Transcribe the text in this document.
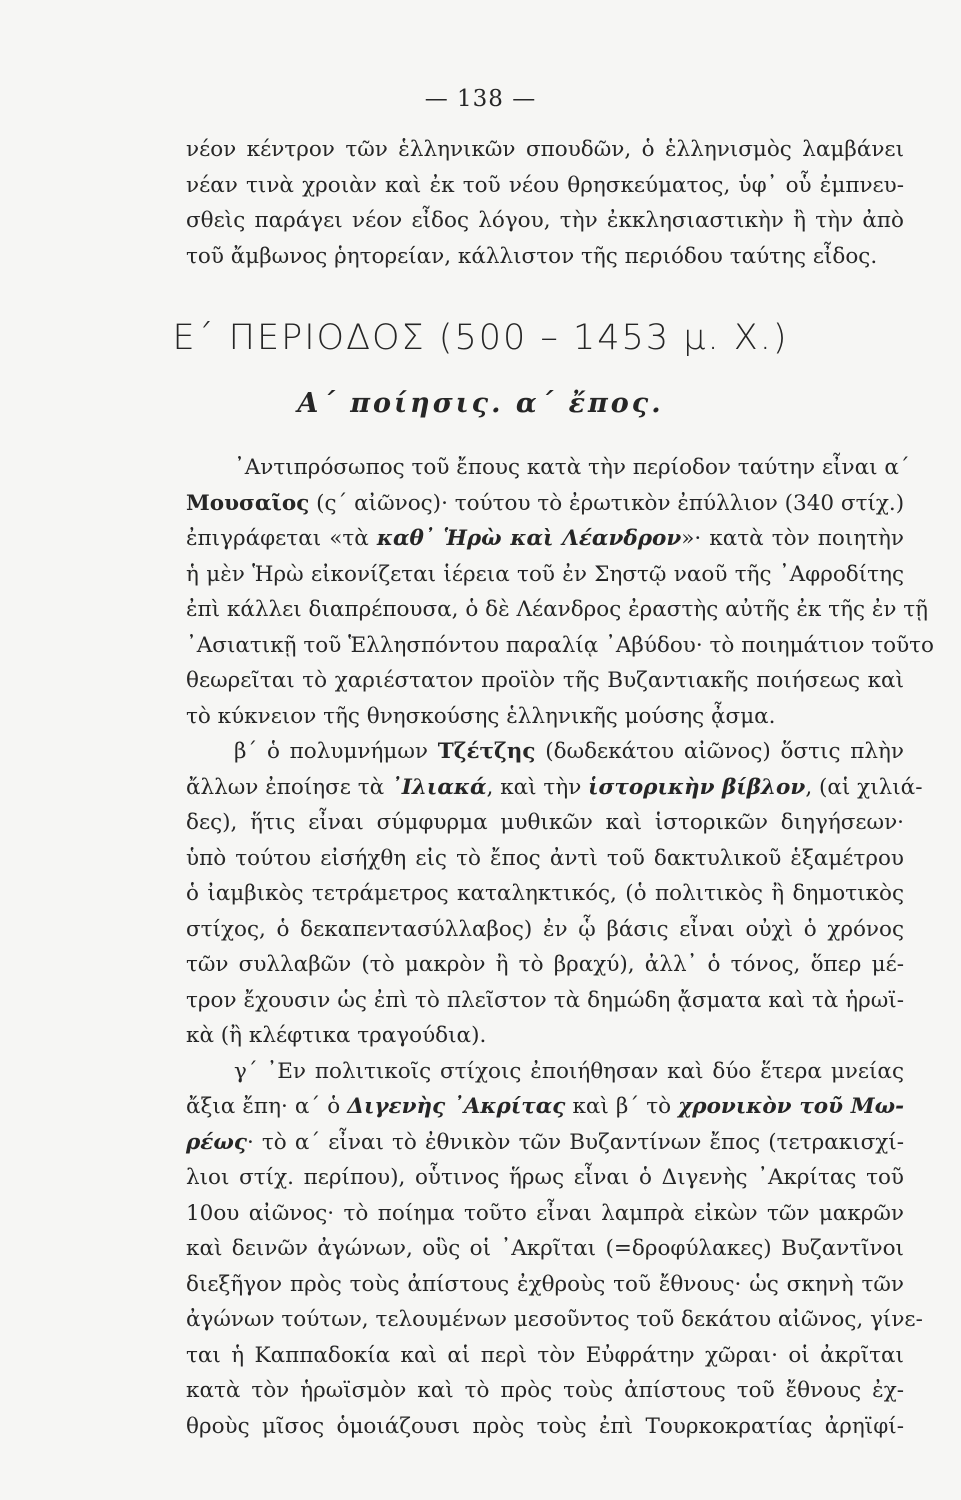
— 138 —
νέον κέντρον τῶν ἑλληνικῶν σπουδῶν, ὁ ἑλληνισμὸς λαμβάνει
νέαν τινὰ χροιὰν καὶ ἐκ τοῦ νέου θρησκεύματος, ὑφ᾽ οὗ ἐμπνευ-
σθεὶς παράγει νέον εἶδος λόγου, τὴν ἐκκλησιαστικὴν ἢ τὴν ἀπὸ
τοῦ ἄμβωνος ῥητορείαν, κάλλιστον τῆς περιόδου ταύτης εἶδος.
Ε΄ ΠΕΡΙΟΔΟΣ (500 – 1453 μ. Χ.)
Α΄ ποίησις. α΄ ἔπος.
᾽Αντιπρόσωπος τοῦ ἔπους κατὰ τὴν περίοδον ταύτην εἶναι α΄
Μουσαῖος (ς΄ αἰῶνος)· τούτου τὸ ἐρωτικὸν ἐπύλλιον (340 στίχ.)
ἐπιγράφεται «τὰ καθ᾽ Ἡρὼ καὶ Λέανδρον»· κατὰ τὸν ποιητὴν
ἡ μὲν Ἡρὼ εἰκονίζεται ἱέρεια τοῦ ἐν Σηστῷ ναοῦ τῆς ᾽Αφροδίτης
ἐπὶ κάλλει διαπρέπουσα, ὁ δὲ Λέανδρος ἐραστὴς αὐτῆς ἐκ τῆς ἐν τῇ
᾽Ασιατικῇ τοῦ Ἑλλησπόντου παραλίᾳ ᾽Αβύδου· τὸ ποιημάτιον τοῦτο
θεωρεῖται τὸ χαριέστατον προϊὸν τῆς Βυζαντιακῆς ποιήσεως καὶ
τὸ κύκνειον τῆς θνησκούσης ἑλληνικῆς μούσης ᾆσμα.
β΄ ὁ πολυμνήμων Τζέτζης (δωδεκάτου αἰῶνος) ὅστις πλὴν
ἄλλων ἐποίησε τὰ ᾽Ιλιακά, καὶ τὴν ἱστορικὴν βίβλον, (αἱ χιλιά-
δες), ἥτις εἶναι σύμφυρμα μυθικῶν καὶ ἱστορικῶν διηγήσεων·
ὑπὸ τούτου εἰσήχθη εἰς τὸ ἔπος ἀντὶ τοῦ δακτυλικοῦ ἑξαμέτρου
ὁ ἰαμβικὸς τετράμετρος καταληκτικός, (ὁ πολιτικὸς ἢ δημοτικὸς
στίχος, ὁ δεκαπεντασύλλαβος) ἐν ᾧ βάσις εἶναι οὐχὶ ὁ χρόνος
τῶν συλλαβῶν (τὸ μακρὸν ἢ τὸ βραχύ), ἀλλ᾽ ὁ τόνος, ὅπερ μέ-
τρον ἔχουσιν ὡς ἐπὶ τὸ πλεῖστον τὰ δημώδη ᾄσματα καὶ τὰ ἡρωϊ-
κὰ (ἢ κλέφτικα τραγούδια).
γ΄ ᾽Εν πολιτικοῖς στίχοις ἐποιήθησαν καὶ δύο ἕτερα μνείας
ἄξια ἔπη· α΄ ὁ Διγενὴς ᾽Ακρίτας καὶ β΄ τὸ χρονικὸν τοῦ Μω-
ρέως· τὸ α΄ εἶναι τὸ ἐθνικὸν τῶν Βυζαντίνων ἔπος (τετρακισχί-
λιοι στίχ. περίπου), οὗτινος ἥρως εἶναι ὁ Διγενὴς ᾽Ακρίτας τοῦ
10ου αἰῶνος· τὸ ποίημα τοῦτο εἶναι λαμπρὰ εἰκὼν τῶν μακρῶν
καὶ δεινῶν ἀγώνων, οὓς οἱ ᾽Ακρῖται (=δροφύλακες) Βυζαντῖνοι
διεξῆγον πρὸς τοὺς ἀπίστους ἐχθροὺς τοῦ ἔθνους· ὡς σκηνὴ τῶν
ἀγώνων τούτων, τελουμένων μεσοῦντος τοῦ δεκάτου αἰῶνος, γίνε-
ται ἡ Καππαδοκία καὶ αἱ περὶ τὸν Εὐφράτην χῶραι· οἱ ἀκρῖται
κατὰ τὸν ἡρωϊσμὸν καὶ τὸ πρὸς τοὺς ἀπίστους τοῦ ἔθνους ἐχ-
θροὺς μῖσος ὁμοιάζουσι πρὸς τοὺς ἐπὶ Τουρκοκρατίας ἀρηϊφί-
